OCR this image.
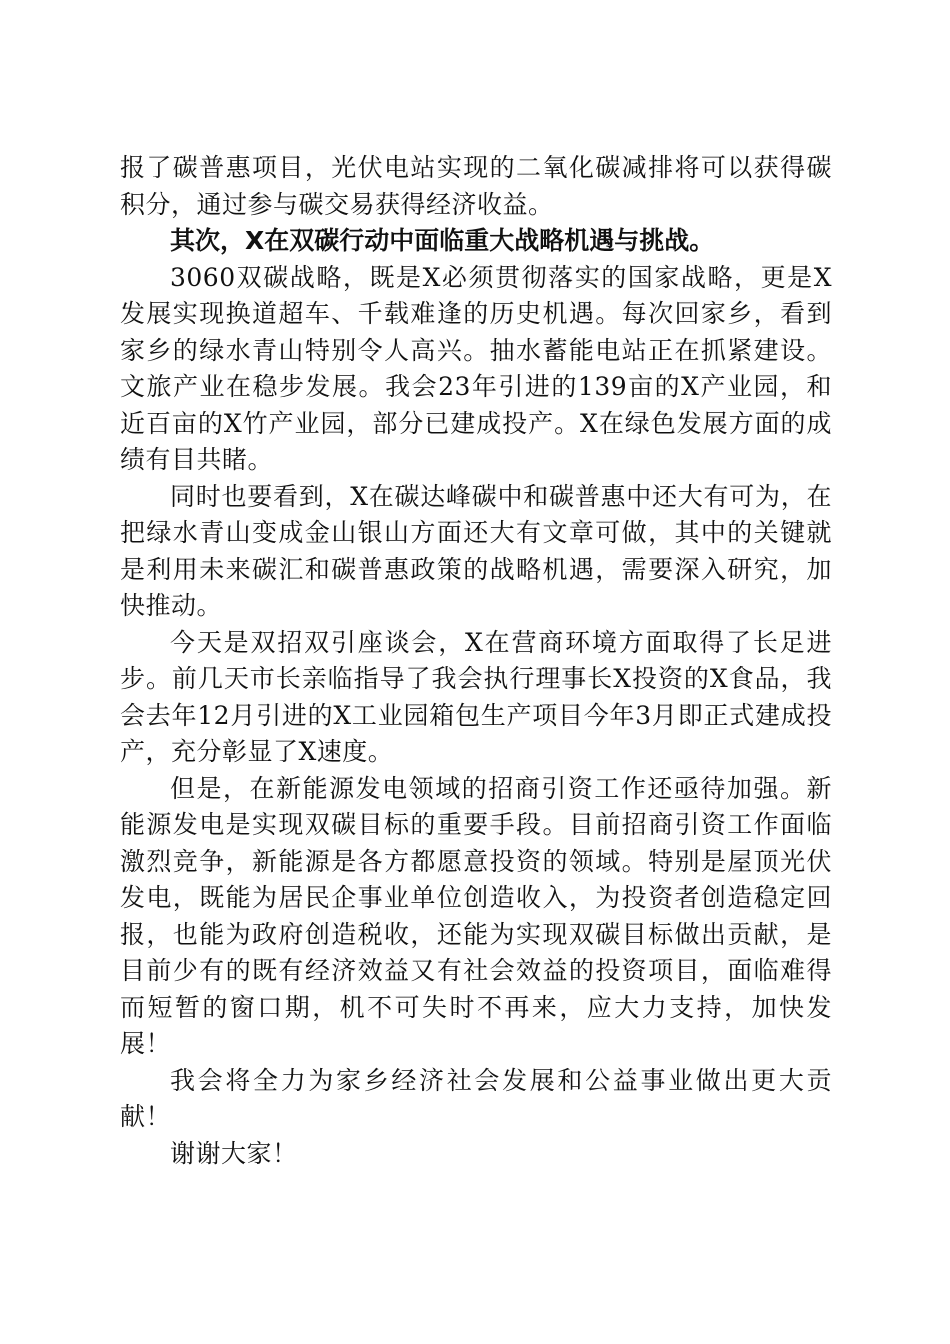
报了碳普惠项目，光伏电站实现的二氧化碳减排将可以获得碳积分，通过参与碳交易获得经济收益。

其次，X在双碳行动中面临重大战略机遇与挑战。

3060双碳战略，既是X必须贯彻落实的国家战略，更是X发展实现换道超车、千载难逢的历史机遇。每次回家乡，看到家乡的绿水青山特别令人高兴。抽水蓄能电站正在抓紧建设。文旅产业在稳步发展。我会23年引进的139亩的X产业园，和近百亩的X竹产业园，部分已建成投产。X在绿色发展方面的成绩有目共睹。

同时也要看到，X在碳达峰碳中和碳普惠中还大有可为，在把绿水青山变成金山银山方面还大有文章可做，其中的关键就是利用未来碳汇和碳普惠政策的战略机遇，需要深入研究，加快推动。

今天是双招双引座谈会，X在营商环境方面取得了长足进步。前几天市长亲临指导了我会执行理事长X投资的X食品，我会去年12月引进的X工业园箱包生产项目今年3月即正式建成投产，充分彰显了X速度。

但是，在新能源发电领域的招商引资工作还亟待加强。新能源发电是实现双碳目标的重要手段。目前招商引资工作面临激烈竞争，新能源是各方都愿意投资的领域。特别是屋顶光伏发电，既能为居民企事业单位创造收入，为投资者创造稳定回报，也能为政府创造税收，还能为实现双碳目标做出贡献，是目前少有的既有经济效益又有社会效益的投资项目，面临难得而短暂的窗口期，机不可失时不再来，应大力支持，加快发展！

我会将全力为家乡经济社会发展和公益事业做出更大贡献！

谢谢大家！
